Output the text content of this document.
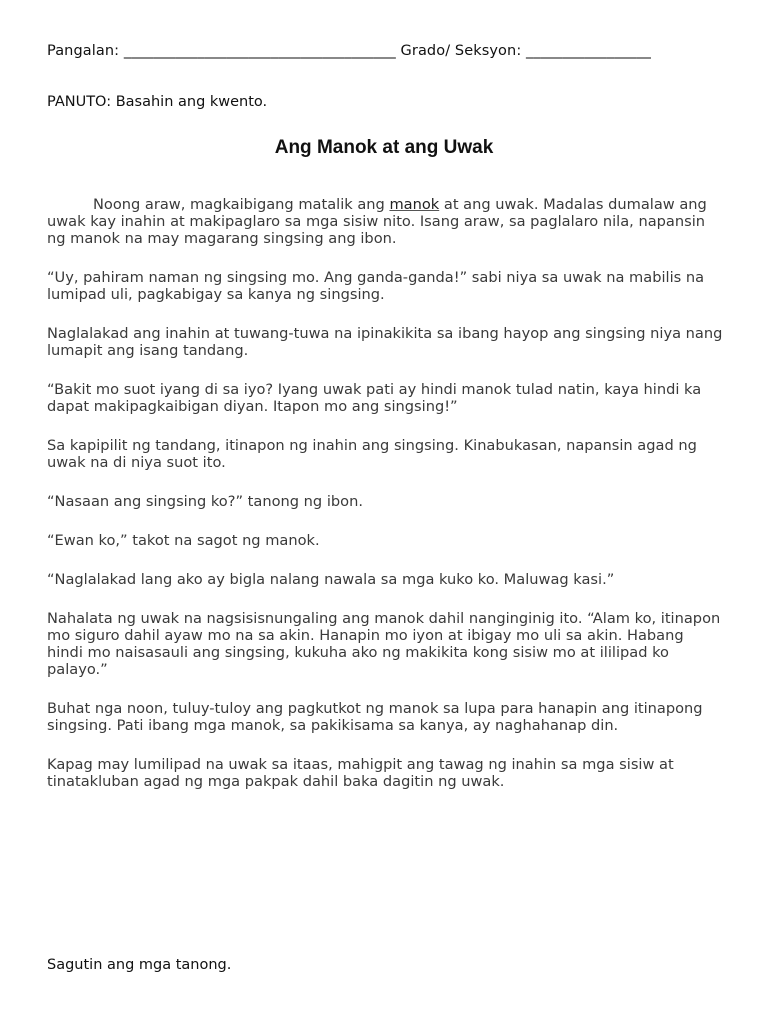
Pangalan: _____________________________________ Grado/ Seksyon: _________________
PANUTO: Basahin ang kwento.
Ang Manok at ang Uwak

Noong araw, magkaibigang matalik ang manok at ang uwak. Madalas dumalaw ang uwak kay inahin at makipaglaro sa mga sisiw nito. Isang araw, sa paglalaro nila, napansin ng manok na may magarang singsing ang ibon.

“Uy, pahiram naman ng singsing mo. Ang ganda-ganda!” sabi niya sa uwak na mabilis na lumipad uli, pagkabigay sa kanya ng singsing.

Naglalakad ang inahin at tuwang-tuwa na ipinakikita sa ibang hayop ang singsing niya nang lumapit ang isang tandang.

“Bakit mo suot iyang di sa iyo? Iyang uwak pati ay hindi manok tulad natin, kaya hindi ka dapat makipagkaibigan diyan. Itapon mo ang singsing!”

Sa kapipilit ng tandang, itinapon ng inahin ang singsing. Kinabukasan, napansin agad ng uwak na di niya suot ito.

“Nasaan ang singsing ko?” tanong ng ibon.

“Ewan ko,” takot na sagot ng manok.

“Naglalakad lang ako ay bigla nalang nawala sa mga kuko ko. Maluwag kasi.”

Nahalata ng uwak na nagsisisnungaling ang manok dahil nanginginig ito. “Alam ko, itinapon mo siguro dahil ayaw mo na sa akin. Hanapin mo iyon at ibigay mo uli sa akin. Habang hindi mo naisasauli ang singsing, kukuha ako ng makikita kong sisiw mo at ililipad ko palayo.”

Buhat nga noon, tuluy-tuloy ang pagkutkot ng manok sa lupa para hanapin ang itinapong singsing. Pati ibang mga manok, sa pakikisama sa kanya, ay naghahanap din.

Kapag may lumilipad na uwak sa itaas, mahigpit ang tawag ng inahin sa mga sisiw at tinatakluban agad ng mga pakpak dahil baka dagitin ng uwak.

Sagutin ang mga tanong.
